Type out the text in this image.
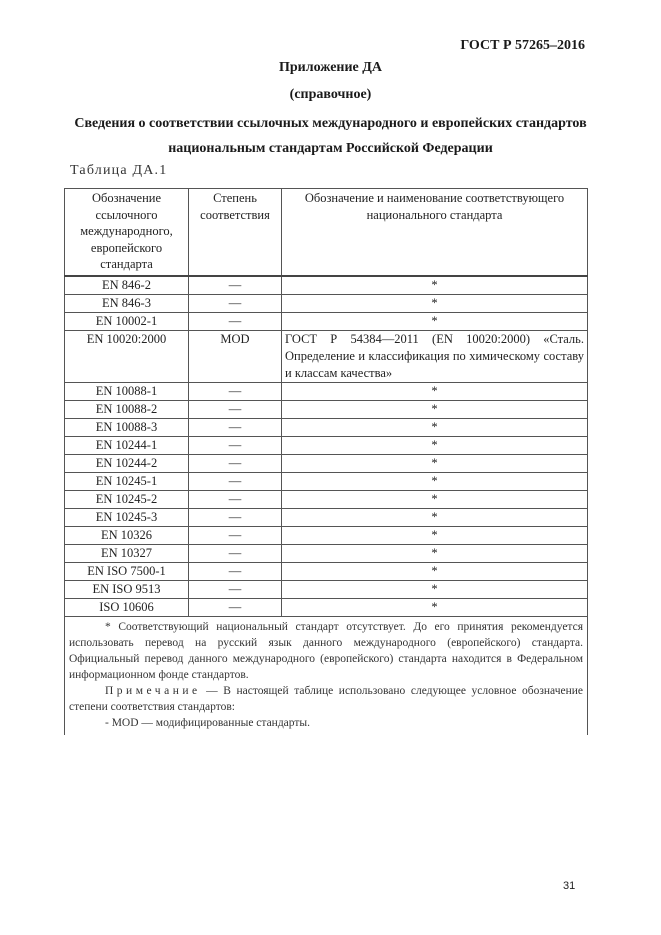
ГОСТ Р 57265–2016
Приложение ДА
(справочное)
Сведения о соответствии ссылочных международного и европейских стандартов национальным стандартам Российской Федерации
Таблица ДА.1
Обозначение ссылочного международного, европейского стандарта	Степень соответствия	Обозначение и наименование соответствующего национального стандарта
EN 846-2	—	*
EN 846-3	—	*
EN 10002-1	—	*
EN 10020:2000	MOD	ГОСТ Р 54384—2011 (EN 10020:2000) «Сталь. Определение и классификация по химическому составу и классам качества»
EN 10088-1	—	*
EN 10088-2	—	*
EN 10088-3	—	*
EN 10244-1	—	*
EN 10244-2	—	*
EN 10245-1	—	*
EN 10245-2	—	*
EN 10245-3	—	*
EN 10326	—	*
EN 10327	—	*
EN ISO 7500-1	—	*
EN ISO 9513	—	*
ISO 10606	—	*

* Соответствующий национальный стандарт отсутствует. До его принятия рекомендуется использовать перевод на русский язык данного международного (европейского) стандарта. Официальный перевод данного международного (европейского) стандарта находится в Федеральном информационном фонде стандартов.

Примечание — В настоящей таблице использовано следующее условное обозначение степени соответствия стандартов:

- MOD — модифицированные стандарты.		

31
